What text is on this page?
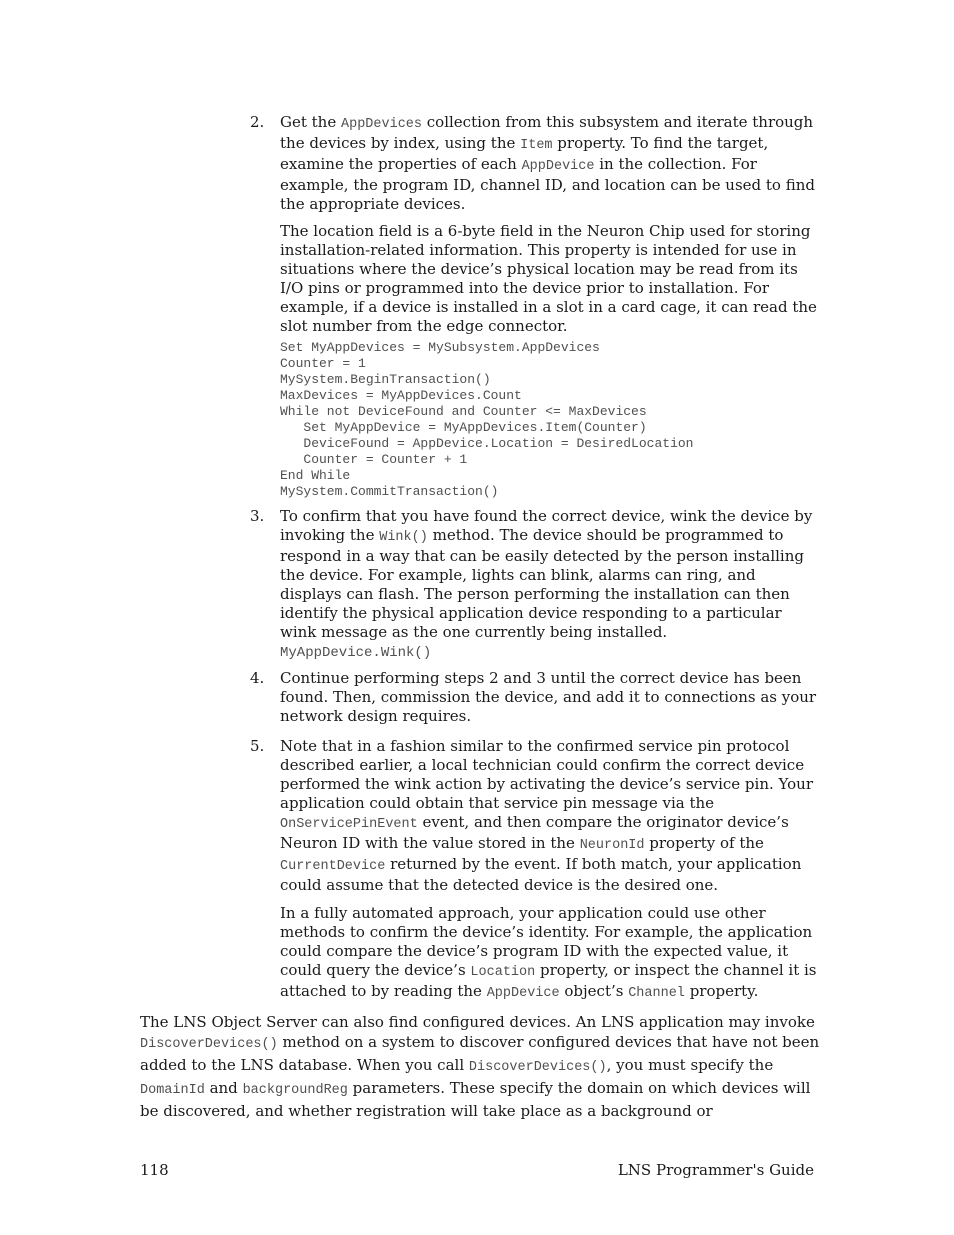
2. Get the AppDevices collection from this subsystem and iterate through the devices by index, using the Item property. To find the target, examine the properties of each AppDevice in the collection. For example, the program ID, channel ID, and location can be used to find the appropriate devices.

The location field is a 6-byte field in the Neuron Chip used for storing installation-related information. This property is intended for use in situations where the device’s physical location may be read from its I/O pins or programmed into the device prior to installation. For example, if a device is installed in a slot in a card cage, it can read the slot number from the edge connector.

Set MyAppDevices = MySubsystem.AppDevices
Counter = 1
MySystem.BeginTransaction()
MaxDevices = MyAppDevices.Count
While not DeviceFound and Counter <= MaxDevices
Set MyAppDevice = MyAppDevices.Item(Counter)
DeviceFound = AppDevice.Location = DesiredLocation
Counter = Counter + 1
End While
MySystem.CommitTransaction()
3. To confirm that you have found the correct device, wink the device by invoking the Wink() method. The device should be programmed to respond in a way that can be easily detected by the person installing the device. For example, lights can blink, alarms can ring, and displays can flash. The person performing the installation can then identify the physical application device responding to a particular wink message as the one currently being installed.

MyAppDevice.Wink()
4. Continue performing steps 2 and 3 until the correct device has been found. Then, commission the device, and add it to connections as your network design requires.

5. Note that in a fashion similar to the confirmed service pin protocol described earlier, a local technician could confirm the correct device performed the wink action by activating the device’s service pin. Your application could obtain that service pin message via the OnServicePinEvent event, and then compare the originator device’s Neuron ID with the value stored in the NeuronId property of the CurrentDevice returned by the event. If both match, your application could assume that the detected device is the desired one.

In a fully automated approach, your application could use other methods to confirm the device’s identity. For example, the application could compare the device’s program ID with the expected value, it could query the device’s Location property, or inspect the channel it is attached to by reading the AppDevice object’s Channel property.

The LNS Object Server can also find configured devices. An LNS application may invoke DiscoverDevices() method on a system to discover configured devices that have not been added to the LNS database. When you call DiscoverDevices(), you must specify the DomainId and backgroundReg parameters. These specify the domain on which devices will be discovered, and whether registration will take place as a background or

118	LNS Programmer's Guide
